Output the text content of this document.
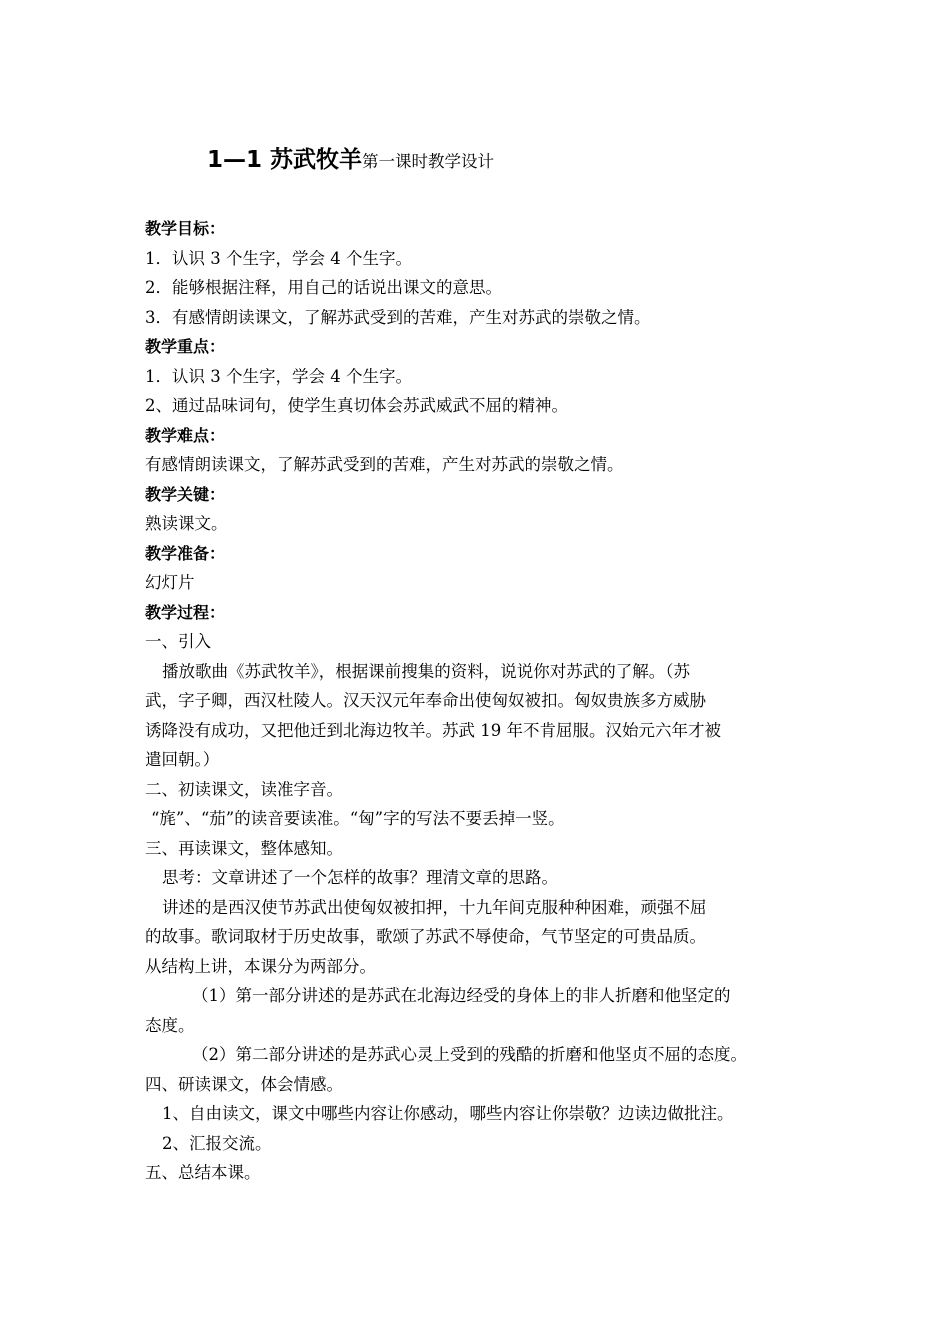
1—1 苏武牧羊第一课时教学设计
教学目标：
1．认识 3 个生字，学会 4 个生字。
2．能够根据注释，用自己的话说出课文的意思。
3．有感情朗读课文，了解苏武受到的苦难，产生对苏武的崇敬之情。
教学重点：
1．认识 3 个生字，学会 4 个生字。
2、通过品味词句，使学生真切体会苏武威武不屈的精神。
教学难点：
有感情朗读课文，了解苏武受到的苦难，产生对苏武的崇敬之情。
教学关键：
熟读课文。
教学准备：
幻灯片
教学过程：
一、引入
播放歌曲《苏武牧羊》，根据课前搜集的资料，说说你对苏武的了解。（苏
武，字子卿，西汉杜陵人。汉天汉元年奉命出使匈奴被扣。匈奴贵族多方威胁
诱降没有成功，又把他迁到北海边牧羊。苏武 19 年不肯屈服。汉始元六年才被
遣回朝。）
二、初读课文，读准字音。
“旄”、“茄”的读音要读准。“匈”字的写法不要丢掉一竖。
三、再读课文，整体感知。
思考：文章讲述了一个怎样的故事？理清文章的思路。
讲述的是西汉使节苏武出使匈奴被扣押，十九年间克服种种困难，顽强不屈
的故事。歌词取材于历史故事，歌颂了苏武不辱使命，气节坚定的可贵品质。
从结构上讲，本课分为两部分。
（1）第一部分讲述的是苏武在北海边经受的身体上的非人折磨和他坚定的
态度。
（2）第二部分讲述的是苏武心灵上受到的残酷的折磨和他坚贞不屈的态度。
四、研读课文，体会情感。
1、自由读文，课文中哪些内容让你感动，哪些内容让你崇敬？边读边做批注。
2、汇报交流。
五、总结本课。
